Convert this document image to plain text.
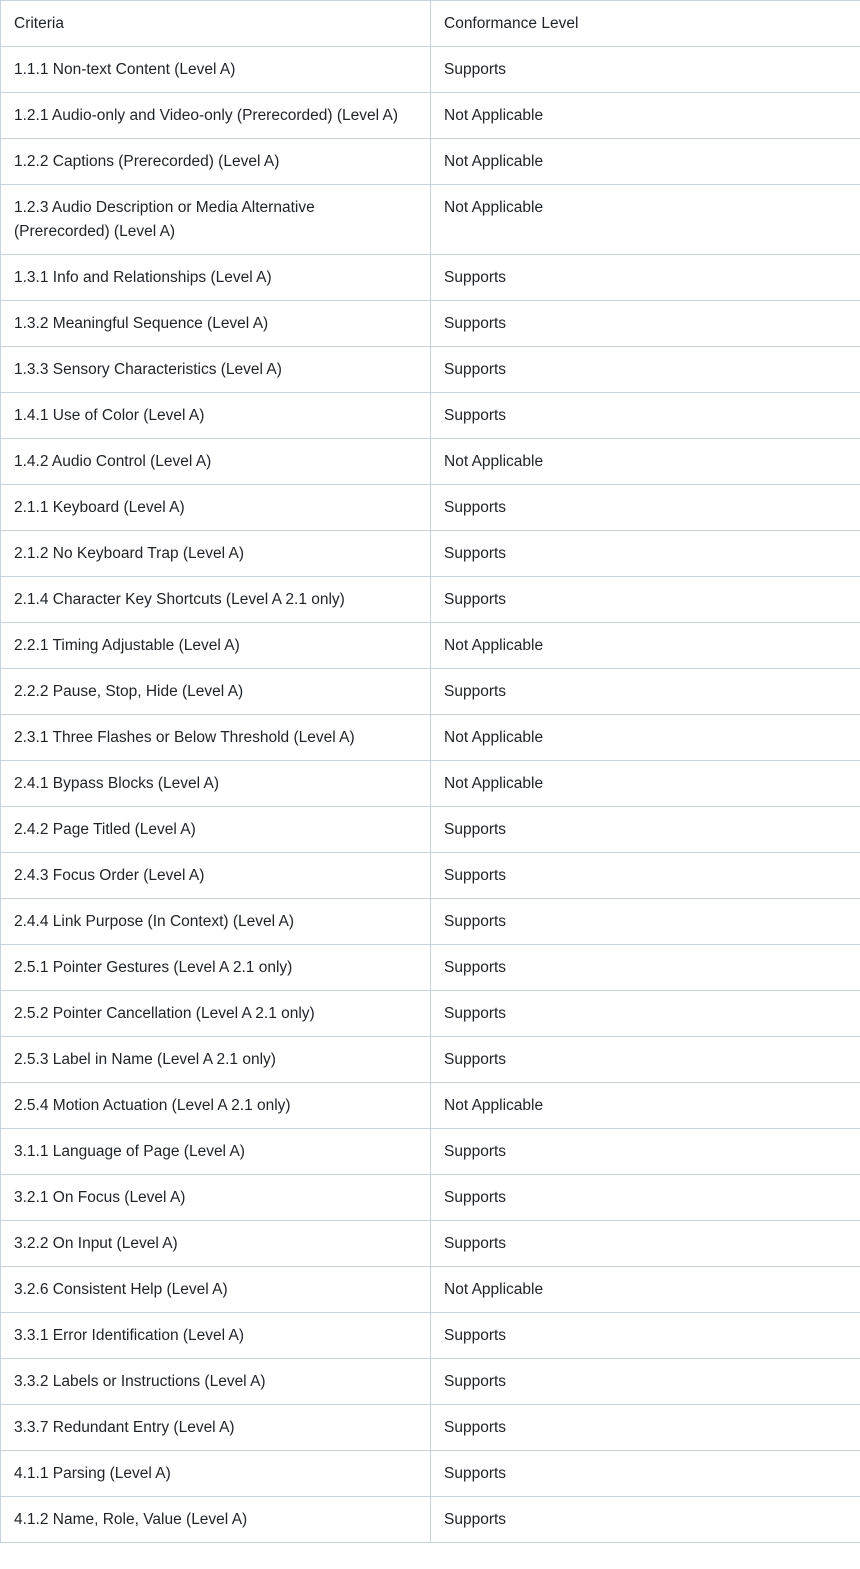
Criteria	Conformance Level
1.1.1 Non-text Content (Level A)	Supports
1.2.1 Audio-only and Video-only (Prerecorded) (Level A)	Not Applicable
1.2.2 Captions (Prerecorded) (Level A)	Not Applicable
1.2.3 Audio Description or Media Alternative (Prerecorded) (Level A)	Not Applicable
1.3.1 Info and Relationships (Level A)	Supports
1.3.2 Meaningful Sequence (Level A)	Supports
1.3.3 Sensory Characteristics (Level A)	Supports
1.4.1 Use of Color (Level A)	Supports
1.4.2 Audio Control (Level A)	Not Applicable
2.1.1 Keyboard (Level A)	Supports
2.1.2 No Keyboard Trap (Level A)	Supports
2.1.4 Character Key Shortcuts (Level A 2.1 only)	Supports
2.2.1 Timing Adjustable (Level A)	Not Applicable
2.2.2 Pause, Stop, Hide (Level A)	Supports
2.3.1 Three Flashes or Below Threshold (Level A)	Not Applicable
2.4.1 Bypass Blocks (Level A)	Not Applicable
2.4.2 Page Titled (Level A)	Supports
2.4.3 Focus Order (Level A)	Supports
2.4.4 Link Purpose (In Context) (Level A)	Supports
2.5.1 Pointer Gestures (Level A 2.1 only)	Supports
2.5.2 Pointer Cancellation (Level A 2.1 only)	Supports
2.5.3 Label in Name (Level A 2.1 only)	Supports
2.5.4 Motion Actuation (Level A 2.1 only)	Not Applicable
3.1.1 Language of Page (Level A)	Supports
3.2.1 On Focus (Level A)	Supports
3.2.2 On Input (Level A)	Supports
3.2.6 Consistent Help (Level A)	Not Applicable
3.3.1 Error Identification (Level A)	Supports
3.3.2 Labels or Instructions (Level A)	Supports
3.3.7 Redundant Entry (Level A)	Supports
4.1.1 Parsing (Level A)	Supports
4.1.2 Name, Role, Value (Level A)	Supports
